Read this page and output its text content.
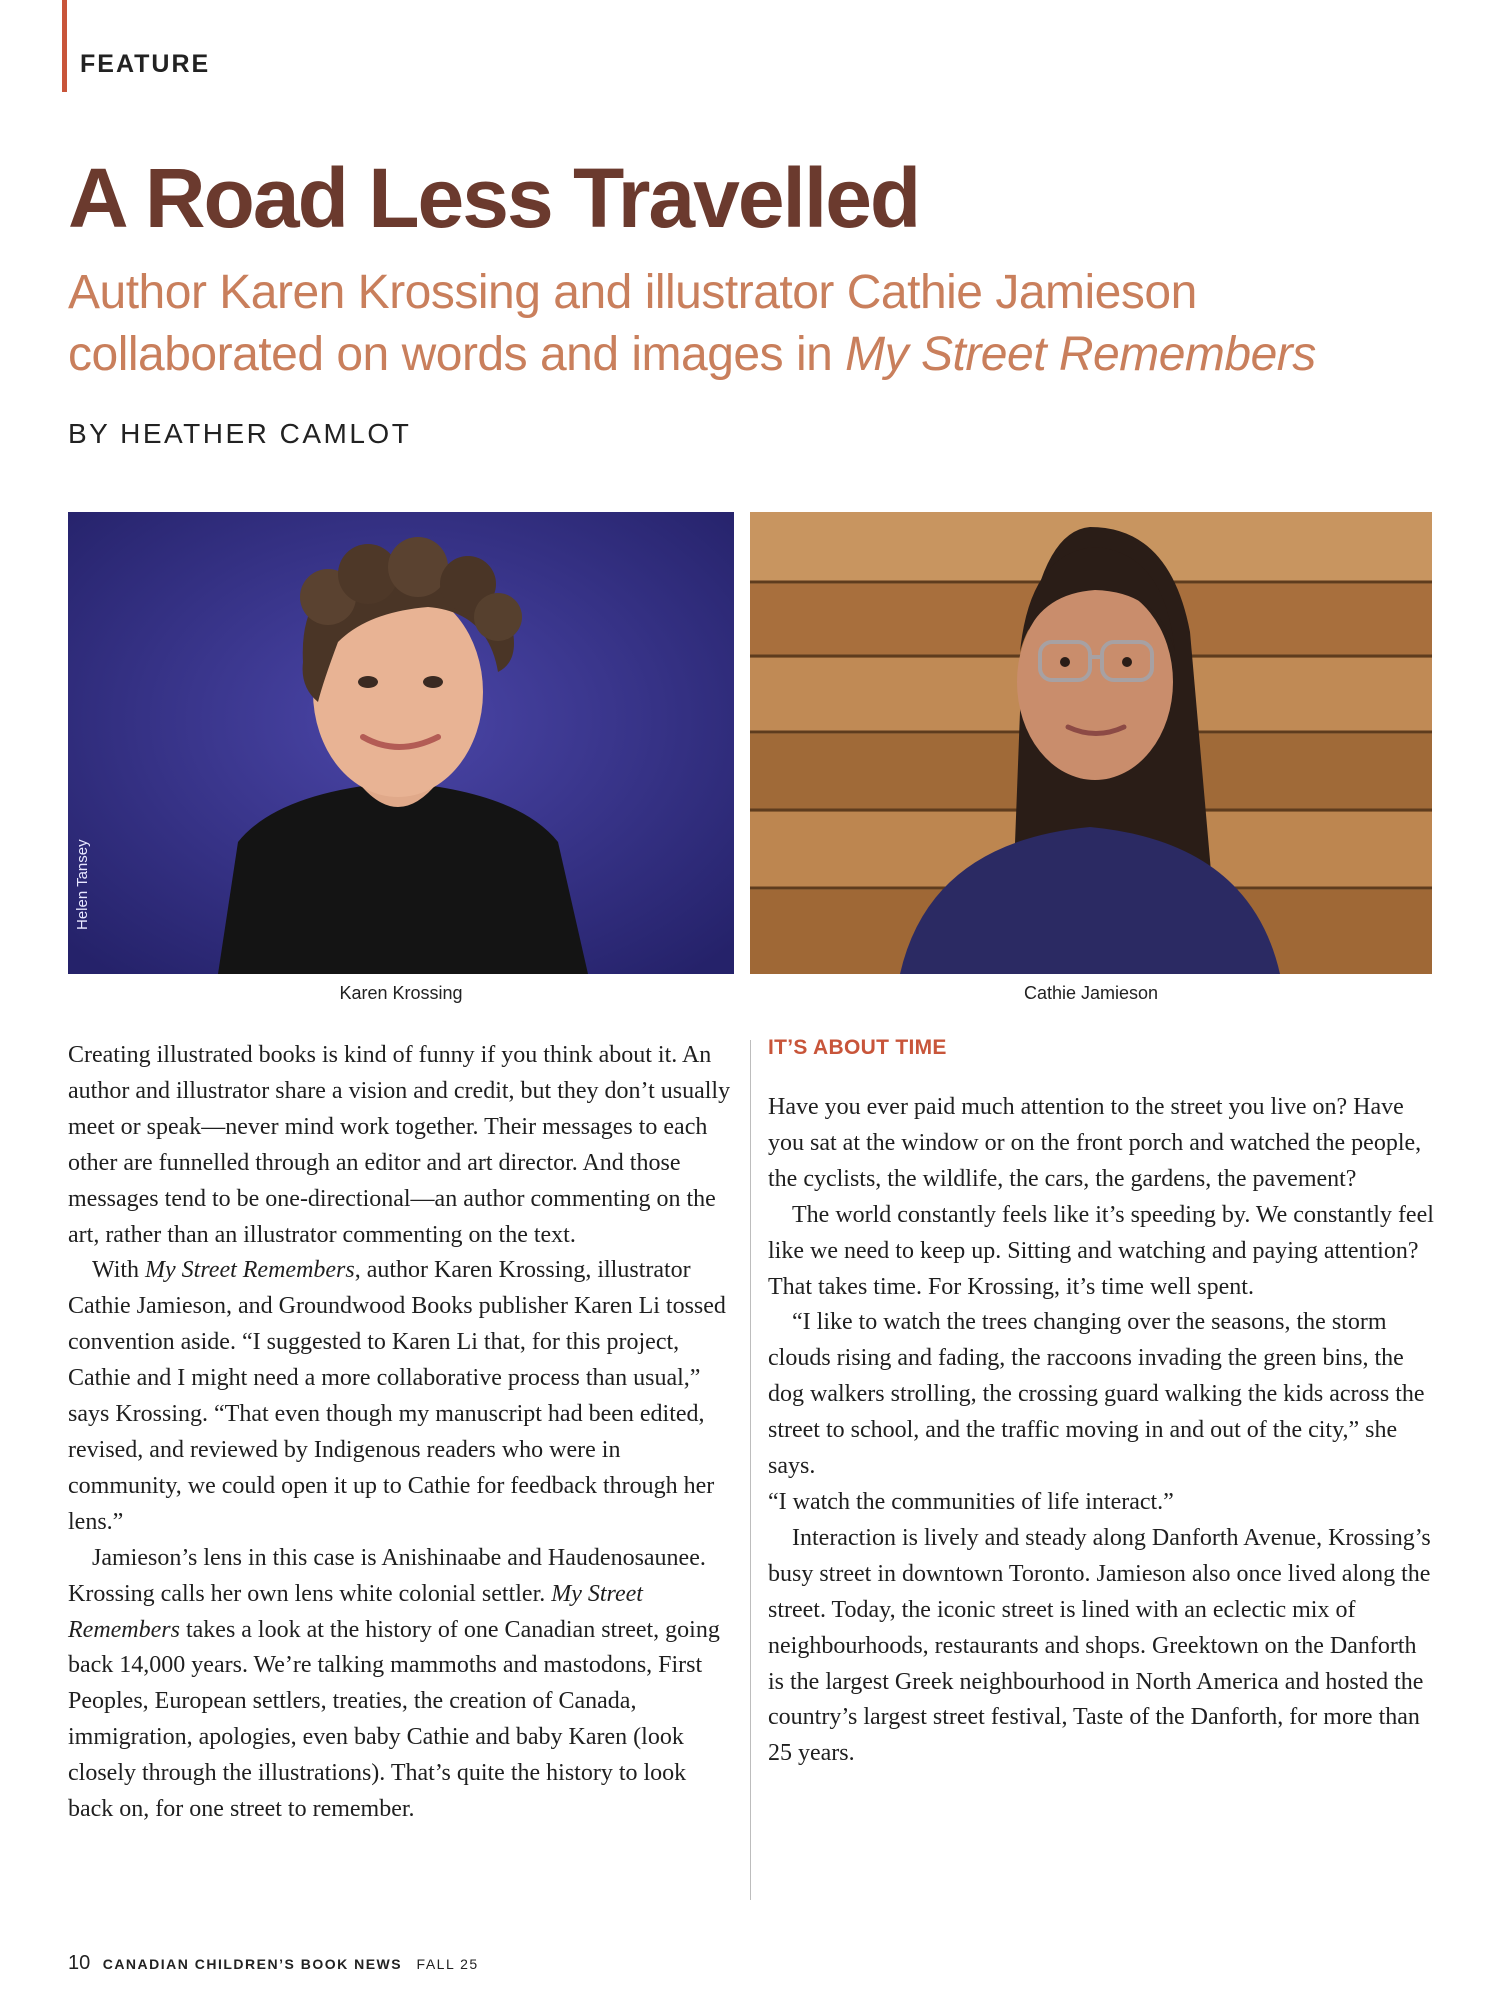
FEATURE
A Road Less Travelled
Author Karen Krossing and illustrator Cathie Jamieson collaborated on words and images in My Street Remembers
BY HEATHER CAMLOT
Helen Tansey
Karen Krossing	Cathie Jamieson

Creating illustrated books is kind of funny if you think about it. An author and illustrator share a vision and credit, but they don’t usually meet or speak—never mind work together. Their messages to each other are funnelled through an editor and art director. And those messages tend to be one-directional—an author commenting on the art, rather than an illustrator commenting on the text.

With My Street Remembers, author Karen Krossing, illustrator Cathie Jamieson, and Groundwood Books publisher Karen Li tossed convention aside. “I suggested to Karen Li that, for this project, Cathie and I might need a more collaborative process than usual,” says Krossing. “That even though my manuscript had been edited, revised, and reviewed by Indigenous readers who were in community, we could open it up to Cathie for feedback through her lens.”

Jamieson’s lens in this case is Anishinaabe and Haudenosaunee. Krossing calls her own lens white colonial settler. My Street Remembers takes a look at the history of one Canadian street, going back 14,000 years. We’re talking mammoths and mastodons, First Peoples, European settlers, treaties, the creation of Canada, immigration, apologies, even baby Cathie and baby Karen (look closely through the illustrations). That’s quite the history to look back on, for one street to remember.

IT’S ABOUT TIME

Have you ever paid much attention to the street you live on? Have you sat at the window or on the front porch and watched the people, the cyclists, the wildlife, the cars, the gardens, the pavement?

The world constantly feels like it’s speeding by. We constantly feel like we need to keep up. Sitting and watching and paying attention? That takes time. For Krossing, it’s time well spent.

“I like to watch the trees changing over the seasons, the storm clouds rising and fading, the raccoons invading the green bins, the dog walkers strolling, the crossing guard walking the kids across the street to school, and the traffic moving in and out of the city,” she says.

“I watch the communities of life interact.”

Interaction is lively and steady along Danforth Avenue, Krossing’s busy street in downtown Toronto. Jamieson also once lived along the street. Today, the iconic street is lined with an eclectic mix of neighbourhoods, restaurants and shops. Greektown on the Danforth is the largest Greek neighbourhood in North America and hosted the country’s largest street festival, Taste of the Danforth, for more than 25 years.

10 CANADIAN CHILDREN’S BOOK NEWS FALL 25
